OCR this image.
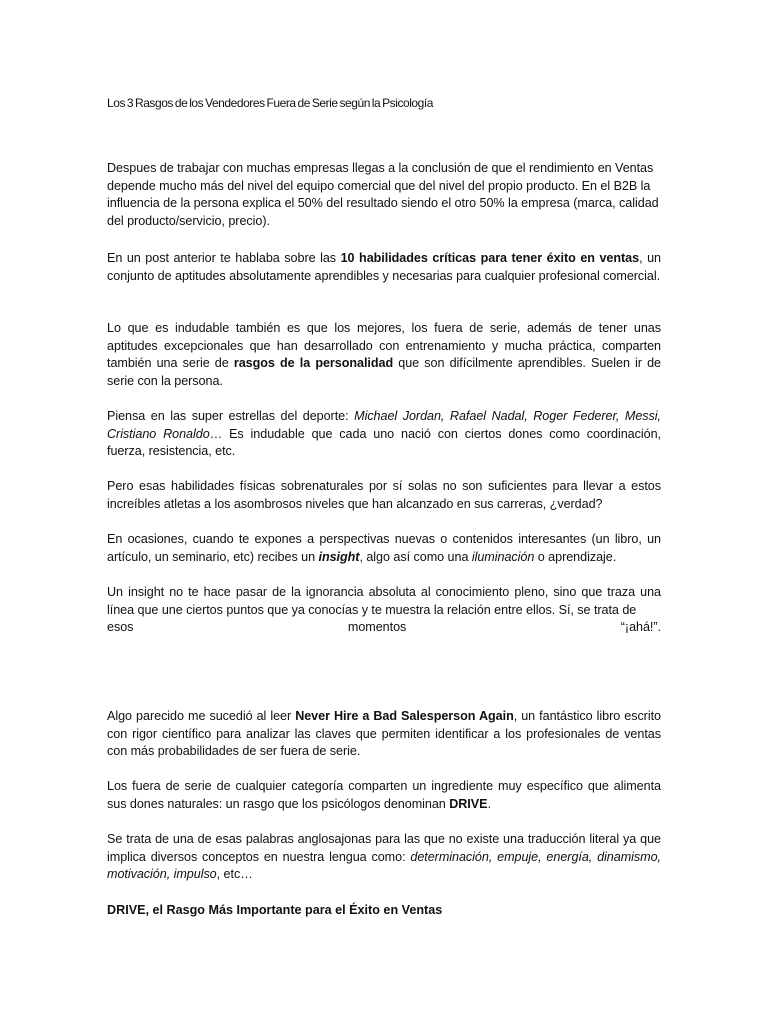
Los 3 Rasgos de los Vendedores Fuera de Serie según la Psicología

Despues de trabajar con muchas empresas llegas a la conclusión de que el rendimiento en Ventas depende mucho más del nivel del equipo comercial que del nivel del propio producto. En el B2B la influencia de la persona explica el 50% del resultado siendo el otro 50% la empresa (marca, calidad del producto/servicio, precio).

En un post anterior te hablaba sobre las 10 habilidades críticas para tener éxito en ventas, un conjunto de aptitudes absolutamente aprendibles y necesarias para cualquier profesional comercial.

Lo que es indudable también es que los mejores, los fuera de serie, además de tener unas aptitudes excepcionales que han desarrollado con entrenamiento y mucha práctica, comparten también una serie de rasgos de la personalidad que son difícilmente aprendibles. Suelen ir de serie con la persona.

Piensa en las super estrellas del deporte: Michael Jordan, Rafael Nadal, Roger Federer, Messi, Cristiano Ronaldo… Es indudable que cada uno nació con ciertos dones como coordinación, fuerza, resistencia, etc.

Pero esas habilidades físicas sobrenaturales por sí solas no son suficientes para llevar a estos increíbles atletas a los asombrosos niveles que han alcanzado en sus carreras, ¿verdad?

En ocasiones, cuando te expones a perspectivas nuevas o contenidos interesantes (un libro, un artículo, un seminario, etc) recibes un insight, algo así como una iluminación o aprendizaje.

Un insight no te hace pasar de la ignorancia absoluta al conocimiento pleno, sino que traza una línea que une ciertos puntos que ya conocías y te muestra la relación entre ellos. Sí, se trata de
esos	momentos	“¡ahá!”.

Algo parecido me sucedió al leer Never Hire a Bad Salesperson Again, un fantástico libro escrito con rigor científico para analizar las claves que permiten identificar a los profesionales de ventas con más probabilidades de ser fuera de serie.

Los fuera de serie de cualquier categoría comparten un ingrediente muy específico que alimenta sus dones naturales: un rasgo que los psicólogos denominan DRIVE.

Se trata de una de esas palabras anglosajonas para las que no existe una traducción literal ya que implica diversos conceptos en nuestra lengua como: determinación, empuje, energía, dinamismo, motivación, impulso, etc…

DRIVE, el Rasgo Más Importante para el Éxito en Ventas
